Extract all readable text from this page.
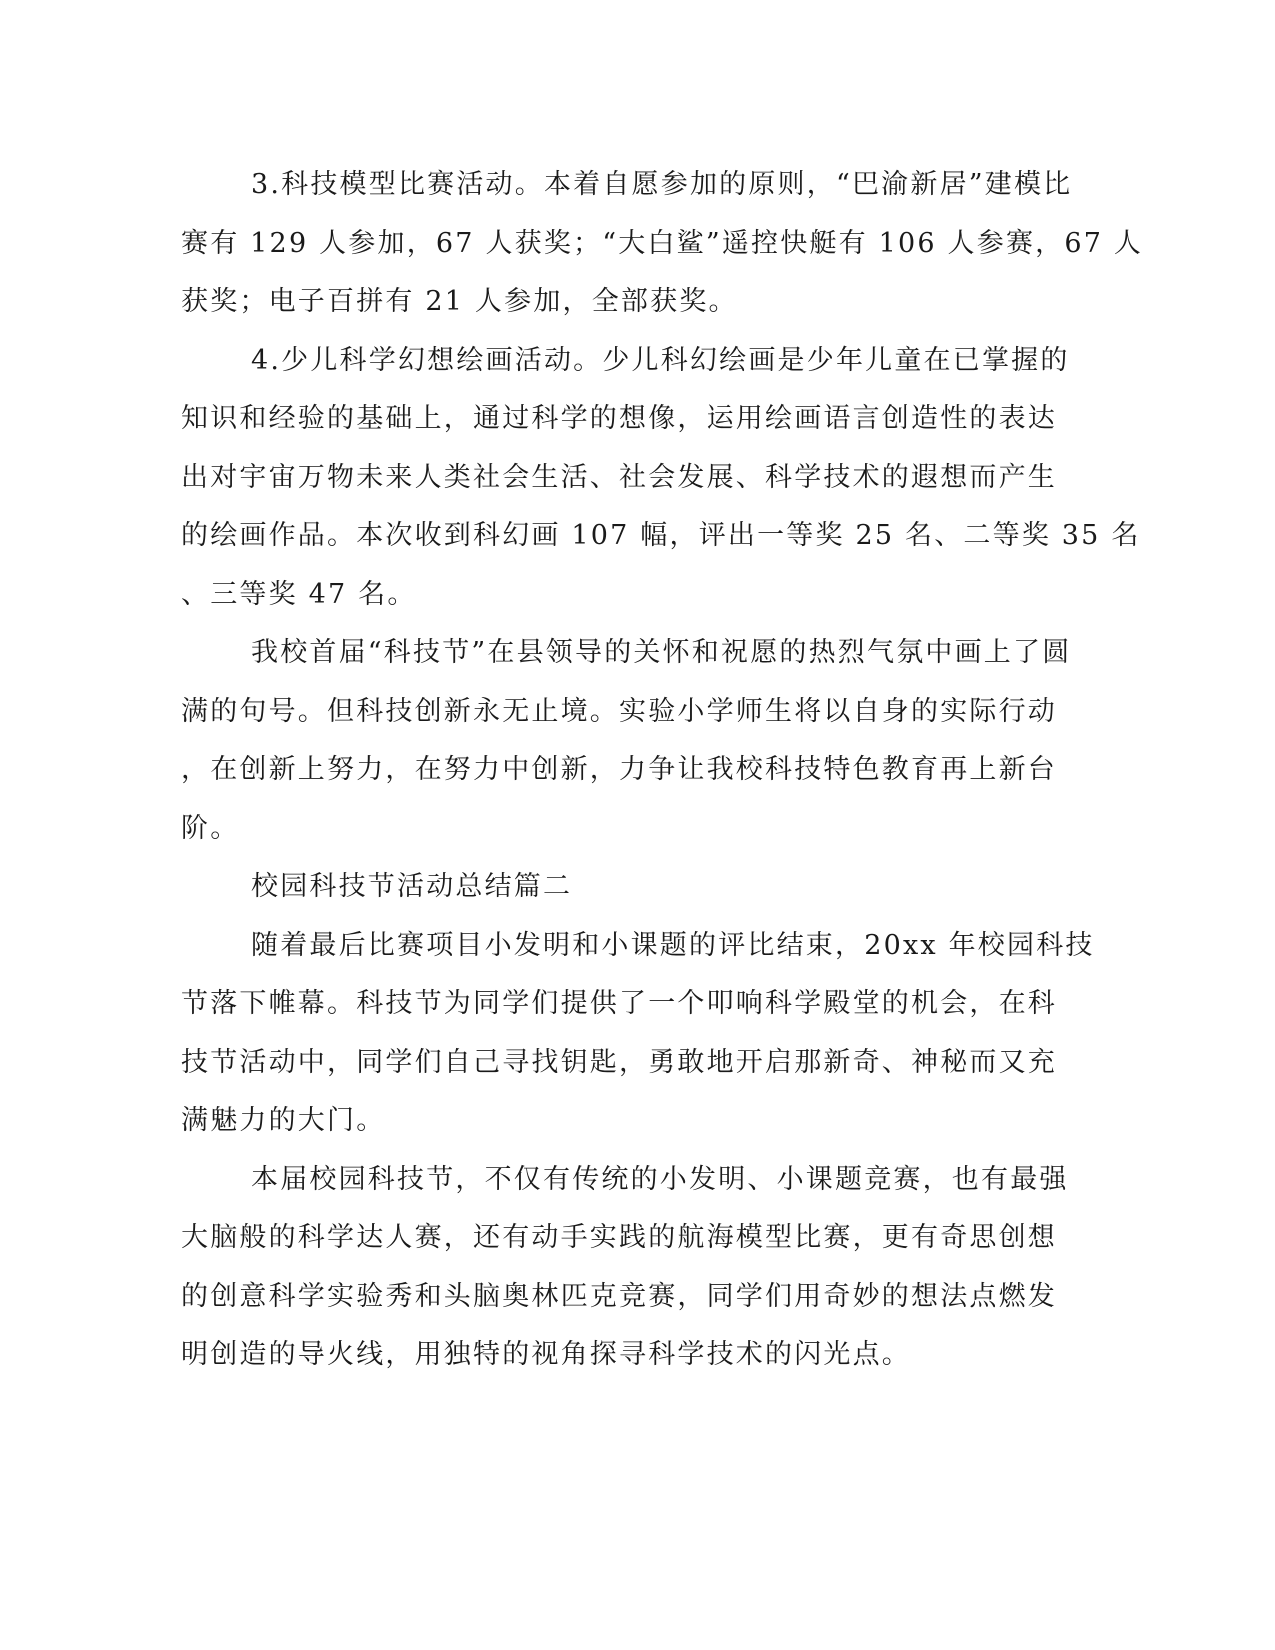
3.科技模型比赛活动。本着自愿参加的原则，“巴渝新居”建模比
赛有 129 人参加，67 人获奖；“大白鲨”遥控快艇有 106 人参赛，67 人
获奖；电子百拼有 21 人参加，全部获奖。
4.少儿科学幻想绘画活动。少儿科幻绘画是少年儿童在已掌握的
知识和经验的基础上，通过科学的想像，运用绘画语言创造性的表达
出对宇宙万物未来人类社会生活、社会发展、科学技术的遐想而产生
的绘画作品。本次收到科幻画 107 幅，评出一等奖 25 名、二等奖 35 名
、三等奖 47 名。
我校首届“科技节”在县领导的关怀和祝愿的热烈气氛中画上了圆
满的句号。但科技创新永无止境。实验小学师生将以自身的实际行动
，在创新上努力，在努力中创新，力争让我校科技特色教育再上新台
阶。
校园科技节活动总结篇二
随着最后比赛项目小发明和小课题的评比结束，20xx 年校园科技
节落下帷幕。科技节为同学们提供了一个叩响科学殿堂的机会，在科
技节活动中，同学们自己寻找钥匙，勇敢地开启那新奇、神秘而又充
满魅力的大门。
本届校园科技节，不仅有传统的小发明、小课题竞赛，也有最强
大脑般的科学达人赛，还有动手实践的航海模型比赛，更有奇思创想
的创意科学实验秀和头脑奥林匹克竞赛，同学们用奇妙的想法点燃发
明创造的导火线，用独特的视角探寻科学技术的闪光点。
